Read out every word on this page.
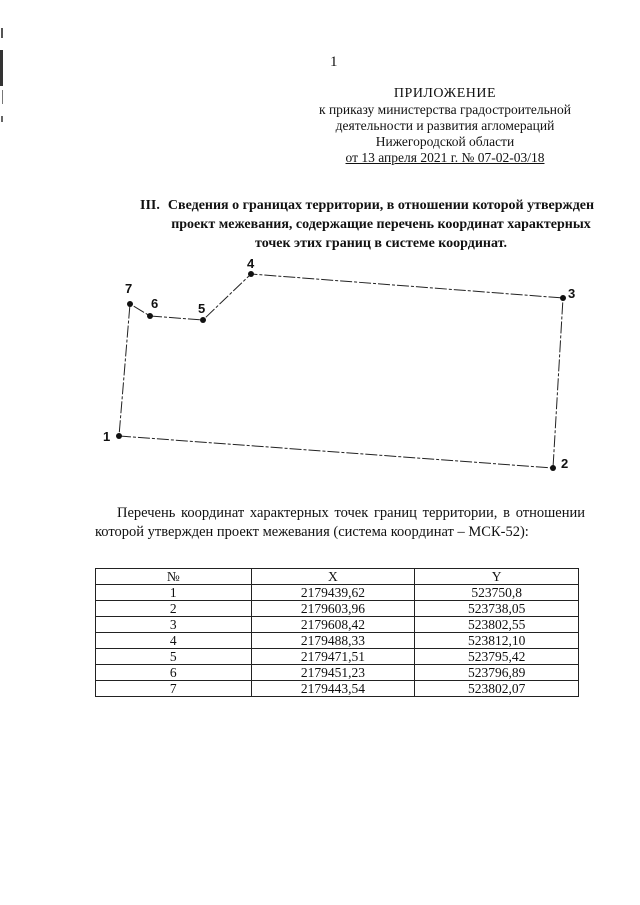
1
ПРИЛОЖЕНИЕ
к приказу министерства градостроительной
деятельности и развития агломераций
Нижегородской области
от 13 апреля 2021 г. № 07-02-03/18
III. Сведения о границах территории, в отношении которой утвержден проект межевания, содержащие перечень координат характерных точек этих границ в системе координат.
1
2
3
4
5
6
7
Перечень координат характерных точек границ территории, в отношении которой утвержден проект межевания (система координат – МСК-52):
№	X	Y
1	2179439,62	523750,8
2	2179603,96	523738,05
3	2179608,42	523802,55
4	2179488,33	523812,10
5	2179471,51	523795,42
6	2179451,23	523796,89
7	2179443,54	523802,07
